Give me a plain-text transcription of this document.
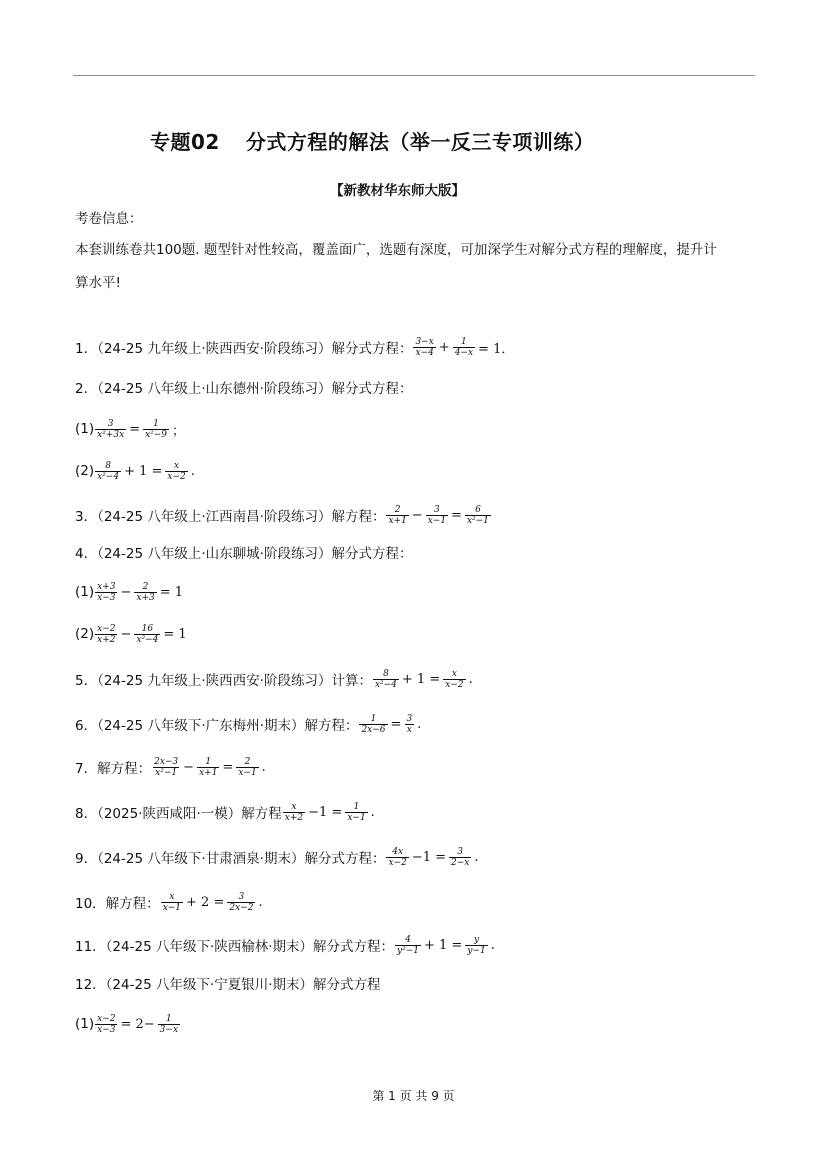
专题02 分式方程的解法（举一反三专项训练）
【新教材华东师大版】
考卷信息：
本套训练卷共100题. 题型针对性较高，覆盖面广，选题有深度，可加深学生对解分式方程的理解度，提升计
算水平!
1．（24-25 九年级上·陕西西安·阶段练习）解分式方程： $\frac{3-x}{x-4} + \frac{1}{4-x} = 1$．
2．（24-25 八年级上·山东德州·阶段练习）解分式方程：
$(1) \frac{3}{\text{x²+3x}} = \frac{1}{\text{x²−9}}$ ；
$(2) \frac{8}{\text{x²−4}} + 1 = \frac{x}{x-2}$ .
3．（24-25 八年级上·江西南昌·阶段练习）解方程： $\frac{2}{x+1} - \frac{3}{x-1} = \frac{6}{\text{x²−1}}$
4．（24-25 八年级上·山东聊城·阶段练习）解分式方程：
$(1) \frac{x+3}{x-3} - \frac{2}{x+3} = 1$
$(2) \frac{x-2}{x+2} - \frac{16}{\text{x²−4}} = 1$
5．（24-25 九年级上·陕西西安·阶段练习）计算： $\frac{8}{\text{x²−4}} + 1 = \frac{x}{x-2}$ .
6．（24-25 八年级下·广东梅州·期末）解方程： $\frac{1}{2x-6} = \frac{3}{x}$ .
7．解方程： $\frac{2x-3}{\text{x²−1}} - \frac{1}{x+1} = \frac{2}{x-1}$ .
8．（2025·陕西咸阳·一模）解方程 $\frac{x}{x+2} -1 = \frac{1}{x-1}$ .
9．（24-25 八年级下·甘肃酒泉·期末）解分式方程： $\frac{4x}{x-2} -1 = \frac{3}{2-x}$ .
10．解方程： $\frac{x}{x-1} + 2 = \frac{3}{2x-2}$ .
11．（24-25 八年级下·陕西榆林·期末）解分式方程： $\frac{4}{\text{y²−1}} + 1 = \frac{y}{y-1}$ .
12．（24-25 八年级下·宁夏银川·期末）解分式方程
$(1) \frac{x-2}{x-3} = 2- \frac{1}{3-x}$
第 1 页 共 9 页
